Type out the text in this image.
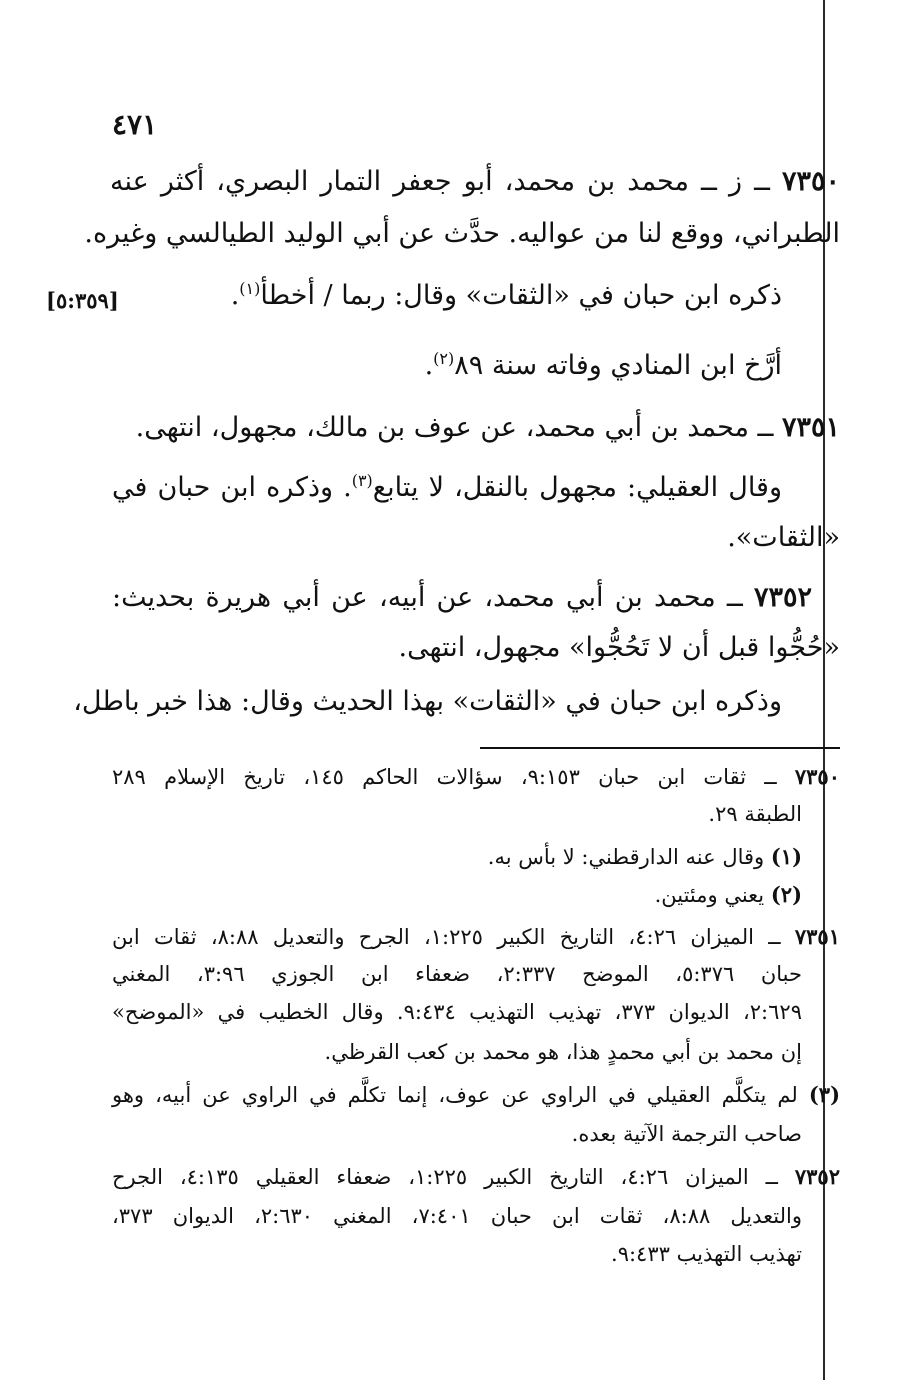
٤٧١
[٥:٣٥٩]
٧٣٥٠ ــ ز ــ محمد بن محمد، أبو جعفر التمار البصري، أكثر عنه
الطبراني، ووقع لنا من عواليه. حدَّث عن أبي الوليد الطيالسي وغيره.
ذكره ابن حبان في «الثقات» وقال: ربما / أخطأ$^{(١)}$.
أرَّخ ابن المنادي وفاته سنة ٨٩$^{(٢)}$.
٧٣٥١ ــ محمد بن أبي محمد، عن عوف بن مالك، مجهول، انتهى.
وقال العقيلي: مجهول بالنقل، لا يتابع$^{(٣)}$. وذكره ابن حبان في
«الثقات».
٧٣٥٢ ــ محمد بن أبي محمد، عن أبيه، عن أبي هريرة بحديث:
«حُجُّوا قبل أن لا تَحُجُّوا» مجهول، انتهى.
وذكره ابن حبان في «الثقات» بهذا الحديث وقال: هذا خبر باطل،
٧٣٥٠ ــ ثقات ابن حبان ٩:١٥٣، سؤالات الحاكم ١٤٥، تاريخ الإسلام ٢٨٩
الطبقة ٢٩.
(١) وقال عنه الدارقطني: لا بأس به.
(٢) يعني ومئتين.
٧٣٥١ ــ الميزان ٤:٢٦، التاريخ الكبير ١:٢٢٥، الجرح والتعديل ٨:٨٨، ثقات ابن
حبان ٥:٣٧٦، الموضح ٢:٣٣٧، ضعفاء ابن الجوزي ٣:٩٦، المغني
٢:٦٢٩، الديوان ٣٧٣، تهذيب التهذيب ٩:٤٣٤. وقال الخطيب في «الموضح»
إن محمد بن أبي محمدٍ هذا، هو محمد بن كعب القرظي.
(٣) لم يتكلَّم العقيلي في الراوي عن عوف، إنما تكلَّم في الراوي عن أبيه، وهو
صاحب الترجمة الآتية بعده.
٧٣٥٢ ــ الميزان ٤:٢٦، التاريخ الكبير ١:٢٢٥، ضعفاء العقيلي ٤:١٣٥، الجرح
والتعديل ٨:٨٨، ثقات ابن حبان ٧:٤٠١، المغني ٢:٦٣٠، الديوان ٣٧٣،
تهذيب التهذيب ٩:٤٣٣.
